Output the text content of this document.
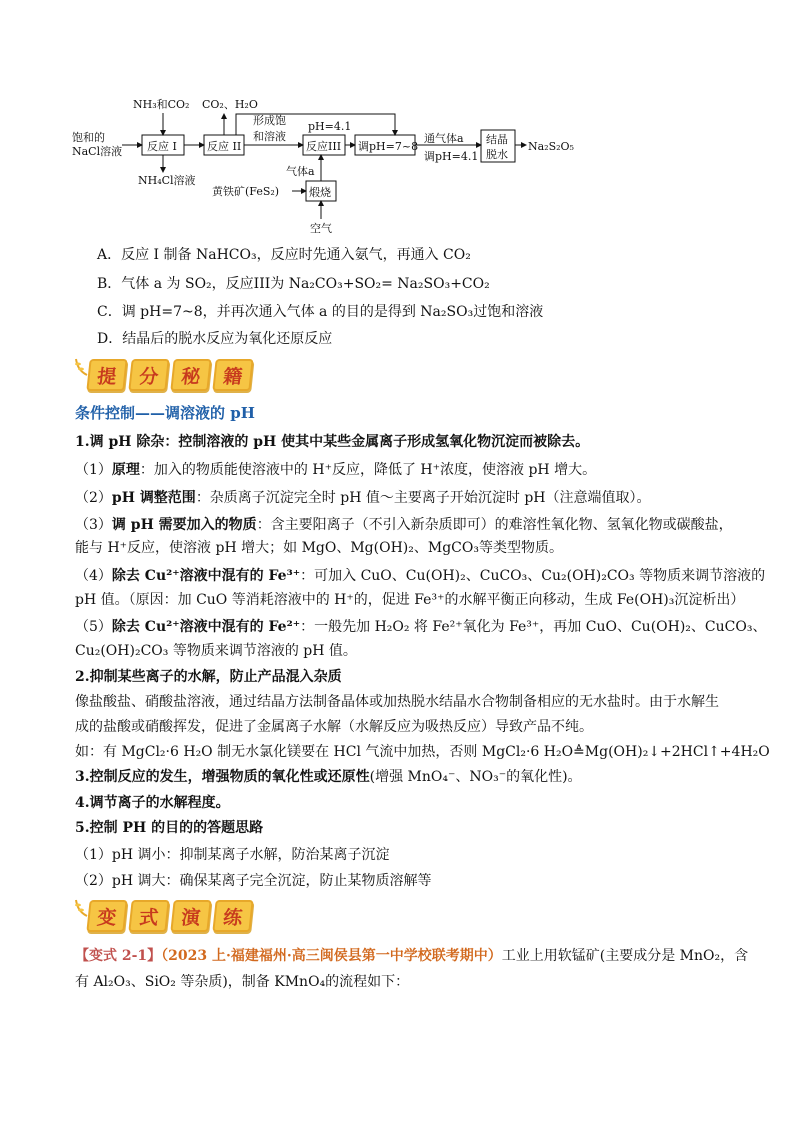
饱和的
NaCl溶液
NH₃和CO₂ CO₂、H₂O
NH₄Cl溶液
反应 I	反应 II
形成饱
和溶液
pH=4.1
反应III 调pH=7~8
通气体a
调pH=4.1
结晶
脱水
Na₂S₂O₅
气体a
黄铁矿(FeS₂)	煅烧
空气
A．反应 I 制备 NaHCO₃，反应时先通入氨气，再通入 CO₂
B．气体 a 为 SO₂，反应III为 Na₂CO₃+SO₂= Na₂SO₃+CO₂
C．调 pH=7~8，并再次通入气体 a 的目的是得到 Na₂SO₃过饱和溶液
D．结晶后的脱水反应为氧化还原反应
提	分	秘	籍
条件控制——调溶液的 pH
1.调 pH 除杂：控制溶液的 pH 使其中某些金属离子形成氢氧化物沉淀而被除去。
（1）原理：加入的物质能使溶液中的 H⁺反应，降低了 H⁺浓度，使溶液 pH 增大。
（2）pH 调整范围：杂质离子沉淀完全时 pH 值～主要离子开始沉淀时 pH（注意端值取）。
（3）调 pH 需要加入的物质：含主要阳离子（不引入新杂质即可）的难溶性氧化物、氢氧化物或碳酸盐，
能与 H⁺反应，使溶液 pH 增大；如 MgO、Mg(OH)₂、MgCO₃等类型物质。
（4）除去 Cu²⁺溶液中混有的 Fe³⁺：可加入 CuO、Cu(OH)₂、CuCO₃、Cu₂(OH)₂CO₃ 等物质来调节溶液的
pH 值。（原因：加 CuO 等消耗溶液中的 H⁺的，促进 Fe³⁺的水解平衡正向移动，生成 Fe(OH)₃沉淀析出）
（5）除去 Cu²⁺溶液中混有的 Fe²⁺：一般先加 H₂O₂ 将 Fe²⁺氧化为 Fe³⁺，再加 CuO、Cu(OH)₂、CuCO₃、
Cu₂(OH)₂CO₃ 等物质来调节溶液的 pH 值。
2.抑制某些离子的水解，防止产品混入杂质
像盐酸盐、硝酸盐溶液，通过结晶方法制备晶体或加热脱水结晶水合物制备相应的无水盐时。由于水解生
成的盐酸或硝酸挥发，促进了金属离子水解（水解反应为吸热反应）导致产品不纯。
如：有 MgCl₂·6 H₂O 制无水氯化镁要在 HCl 气流中加热，否则 MgCl₂·6 H₂O≜Mg(OH)₂↓+2HCl↑+4H₂O
3.控制反应的发生，增强物质的氧化性或还原性(增强 MnO₄⁻、NO₃⁻的氧化性)。
4.调节离子的水解程度。
5.控制 PH 的目的的答题思路
（1）pH 调小：抑制某离子水解，防治某离子沉淀
（2）pH 调大：确保某离子完全沉淀，防止某物质溶解等
变	式	演	练
【变式 2-1】（2023 上·福建福州·高三闽侯县第一中学校联考期中）工业上用软锰矿(主要成分是 MnO₂，含
有 Al₂O₃、SiO₂ 等杂质)，制备 KMnO₄的流程如下：
